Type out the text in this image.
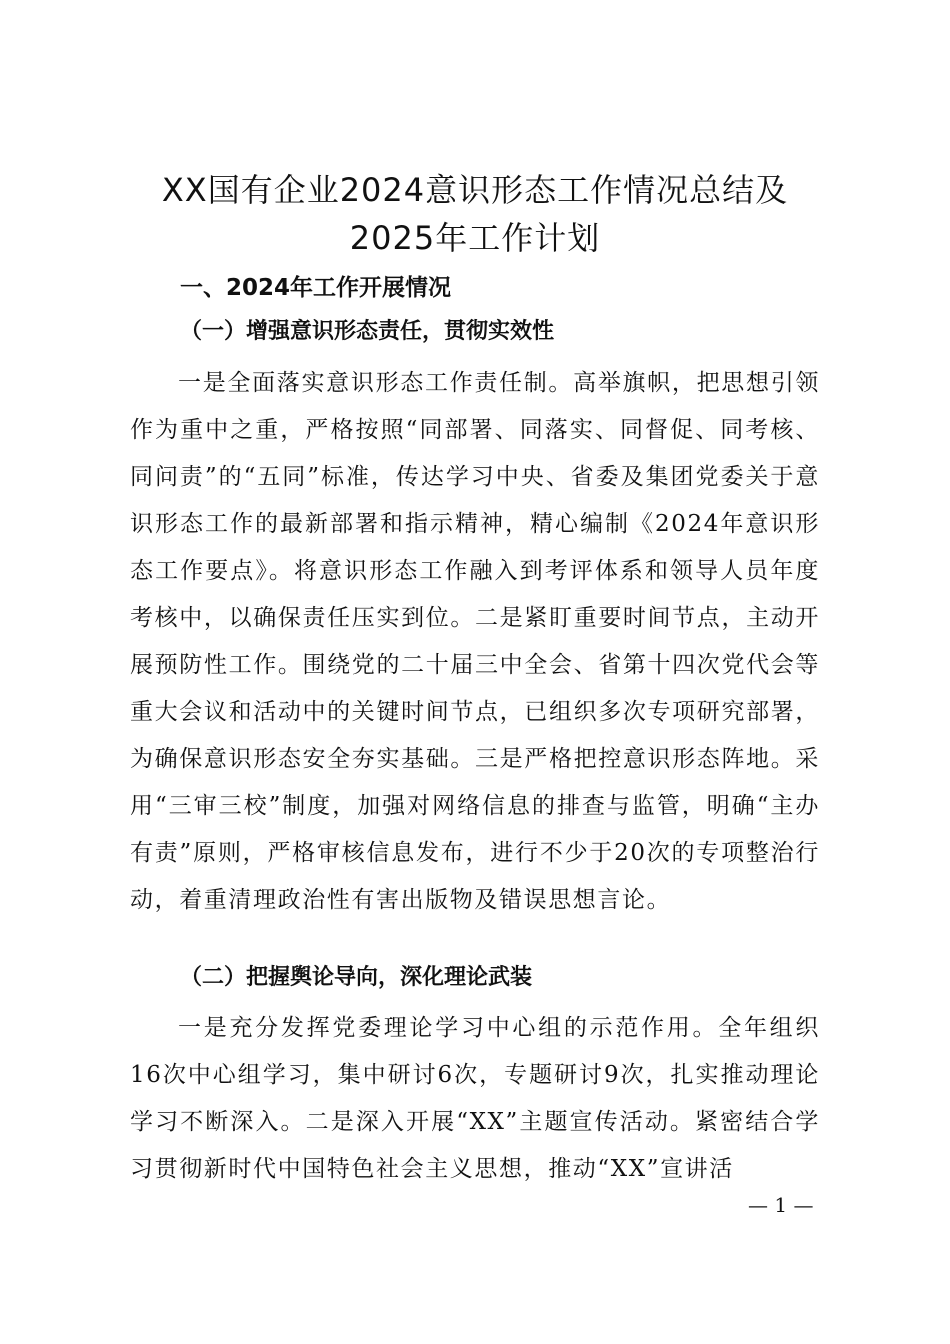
XX国有企业2024意识形态工作情况总结及2025年工作计划
一、2024年工作开展情况
（一）增强意识形态责任，贯彻实效性

一是全面落实意识形态工作责任制。高举旗帜，把思想引领作为重中之重，严格按照“同部署、同落实、同督促、同考核、同问责”的“五同”标准，传达学习中央、省委及集团党委关于意识形态工作的最新部署和指示精神，精心编制《2024年意识形态工作要点》。将意识形态工作融入到考评体系和领导人员年度考核中，以确保责任压实到位。二是紧盯重要时间节点，主动开展预防性工作。围绕党的二十届三中全会、省第十四次党代会等重大会议和活动中的关键时间节点，已组织多次专项研究部署，为确保意识形态安全夯实基础。三是严格把控意识形态阵地。采用“三审三校”制度，加强对网络信息的排查与监管，明确“主办有责”原则，严格审核信息发布，进行不少于20次的专项整治行动，着重清理政治性有害出版物及错误思想言论。

（二）把握舆论导向，深化理论武装

一是充分发挥党委理论学习中心组的示范作用。全年组织16次中心组学习，集中研讨6次，专题研讨9次，扎实推动理论学习不断深入。二是深入开展“XX”主题宣传活动。紧密结合学习贯彻新时代中国特色社会主义思想，推动“XX”宣讲活

— 1 —
